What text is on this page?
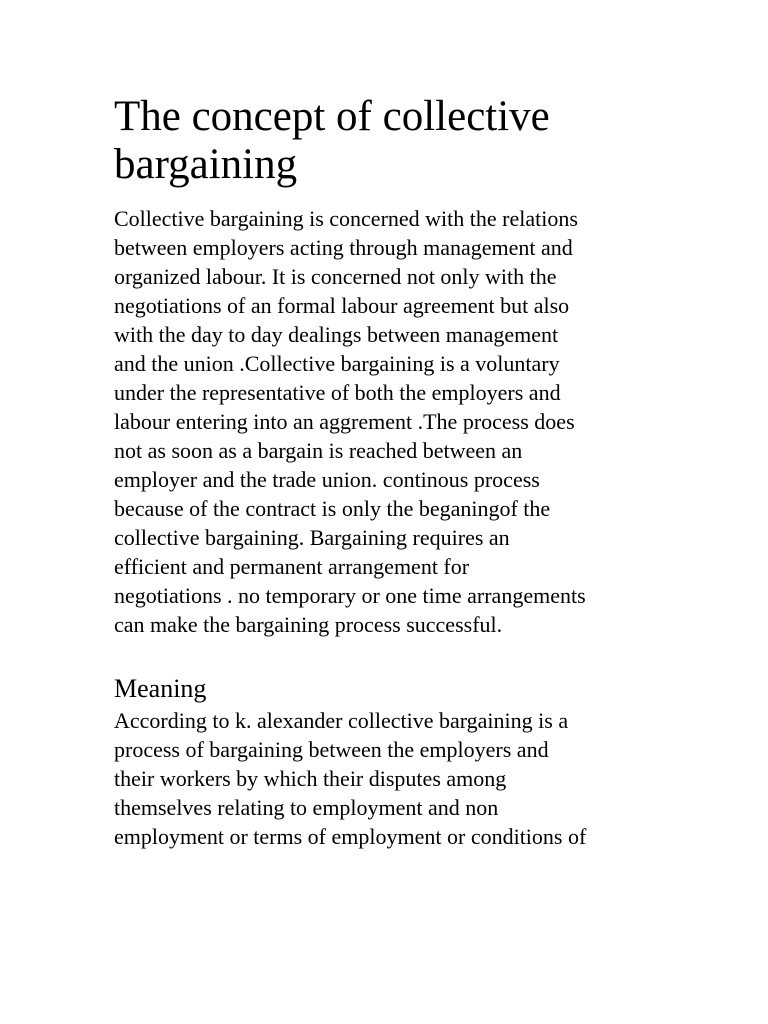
The concept of collective
bargaining

Collective bargaining is concerned with the relations
between employers acting through management and
organized labour. It is concerned not only with the
negotiations of an formal labour agreement but also
with the day to day dealings between management
and the union .Collective bargaining is a voluntary
under the representative of both the employers and
labour entering into an aggrement .The process does
not as soon as a bargain is reached between an
employer and the trade union. continous process
because of the contract is only the beganingof the
collective bargaining. Bargaining requires an
efficient and permanent arrangement for
negotiations . no temporary or one time arrangements
can make the bargaining process successful.

Meaning

According to k. alexander collective bargaining is a
process of bargaining between the employers and
their workers by which their disputes among
themselves relating to employment and non
employment or terms of employment or conditions of
